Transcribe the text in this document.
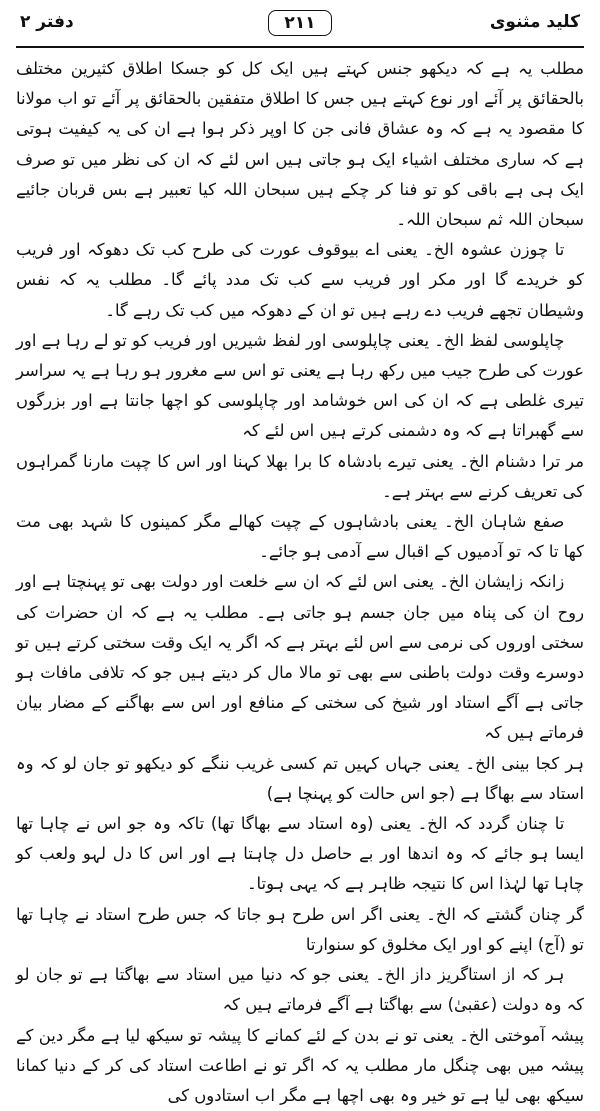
کلید مثنوی
۲۱۱
دفتر ۲

مطلب یہ ہے کہ دیکھو جنس کہتے ہیں ایک کل کو جسکا اطلاق کثیرین مختلف بالحقائق پر آئے اور نوع کہتے ہیں جس کا اطلاق متفقین بالحقائق پر آئے تو اب مولانا کا مقصود یہ ہے کہ وہ عشاق فانی جن کا اوپر ذکر ہوا ہے ان کی یہ کیفیت ہوتی ہے کہ ساری مختلف اشیاء ایک ہو جاتی ہیں اس لئے کہ ان کی نظر میں تو صرف ایک ہی ہے باقی کو تو فنا کر چکے ہیں سبحان اللہ کیا تعبیر ہے بس قربان جائیے سبحان اللہ ثم سبحان اللہ۔

تا چوزن عشوہ الخ۔ یعنی اے بیوقوف عورت کی طرح کب تک دھوکہ اور فریب کو خریدے گا اور مکر اور فریب سے کب تک مدد پائے گا۔ مطلب یہ کہ نفس وشیطان تجھے فریب دے رہے ہیں تو ان کے دھوکہ میں کب تک رہے گا۔

چاپلوسی لفظ الخ۔ یعنی چاپلوسی اور لفظ شیریں اور فریب کو تو لے رہا ہے اور عورت کی طرح جیب میں رکھ رہا ہے یعنی تو اس سے مغرور ہو رہا ہے یہ سراسر تیری غلطی ہے کہ ان کی اس خوشامد اور چاپلوسی کو اچھا جانتا ہے اور بزرگوں سے گھبراتا ہے کہ وہ دشمنی کرتے ہیں اس لئے کہ

مر ترا دشنام الخ۔ یعنی تیرے بادشاہ کا برا بھلا کہنا اور اس کا چپت مارنا گمراہوں کی تعریف کرنے سے بہتر ہے۔

صفع شاہان الخ۔ یعنی بادشاہوں کے چپت کھالے مگر کمینوں کا شہد بھی مت کھا تا کہ تو آدمیوں کے اقبال سے آدمی ہو جائے۔

زانکہ زایشان الخ۔ یعنی اس لئے کہ ان سے خلعت اور دولت بھی تو پہنچتا ہے اور روح ان کی پناہ میں جان جسم ہو جاتی ہے۔ مطلب یہ ہے کہ ان حضرات کی سختی اوروں کی نرمی سے اس لئے بہتر ہے کہ اگر یہ ایک وقت سختی کرتے ہیں تو دوسرے وقت دولت باطنی سے بھی تو مالا مال کر دیتے ہیں جو کہ تلافی مافات ہو جاتی ہے آگے استاد اور شیخ کی سختی کے منافع اور اس سے بھاگنے کے مضار بیان فرماتے ہیں کہ

ہر کجا بینی الخ۔ یعنی جہاں کہیں تم کسی غریب ننگے کو دیکھو تو جان لو کہ وہ استاد سے بھاگا ہے (جو اس حالت کو پہنچا ہے)

تا چنان گردد کہ الخ۔ یعنی (وہ استاد سے بھاگا تھا) تاکہ وہ جو اس نے چاہا تھا ایسا ہو جائے کہ وہ اندھا اور بے حاصل دل چاہتا ہے اور اس کا دل لہو ولعب کو چاہا تھا لہٰذا اس کا نتیجہ ظاہر ہے کہ یہی ہوتا۔

گر چنان گشتے کہ الخ۔ یعنی اگر اس طرح ہو جاتا کہ جس طرح استاد نے چاہا تھا تو (آج) اپنے کو اور ایک مخلوق کو سنوارتا

ہر کہ از استاگریز داز الخ۔ یعنی جو کہ دنیا میں استاد سے بھاگتا ہے تو جان لو کہ وہ دولت (عقبیٰ) سے بھاگتا ہے آگے فرماتے ہیں کہ

پیشہ آموختی الخ۔ یعنی تو نے بدن کے لئے کمانے کا پیشہ تو سیکھ لیا ہے مگر دین کے پیشہ میں بھی چنگل مار مطلب یہ کہ اگر تو نے اطاعت استاد کی کر کے دنیا کمانا سیکھ بھی لیا ہے تو خیر وہ بھی اچھا ہے مگر اب استادوں کی
